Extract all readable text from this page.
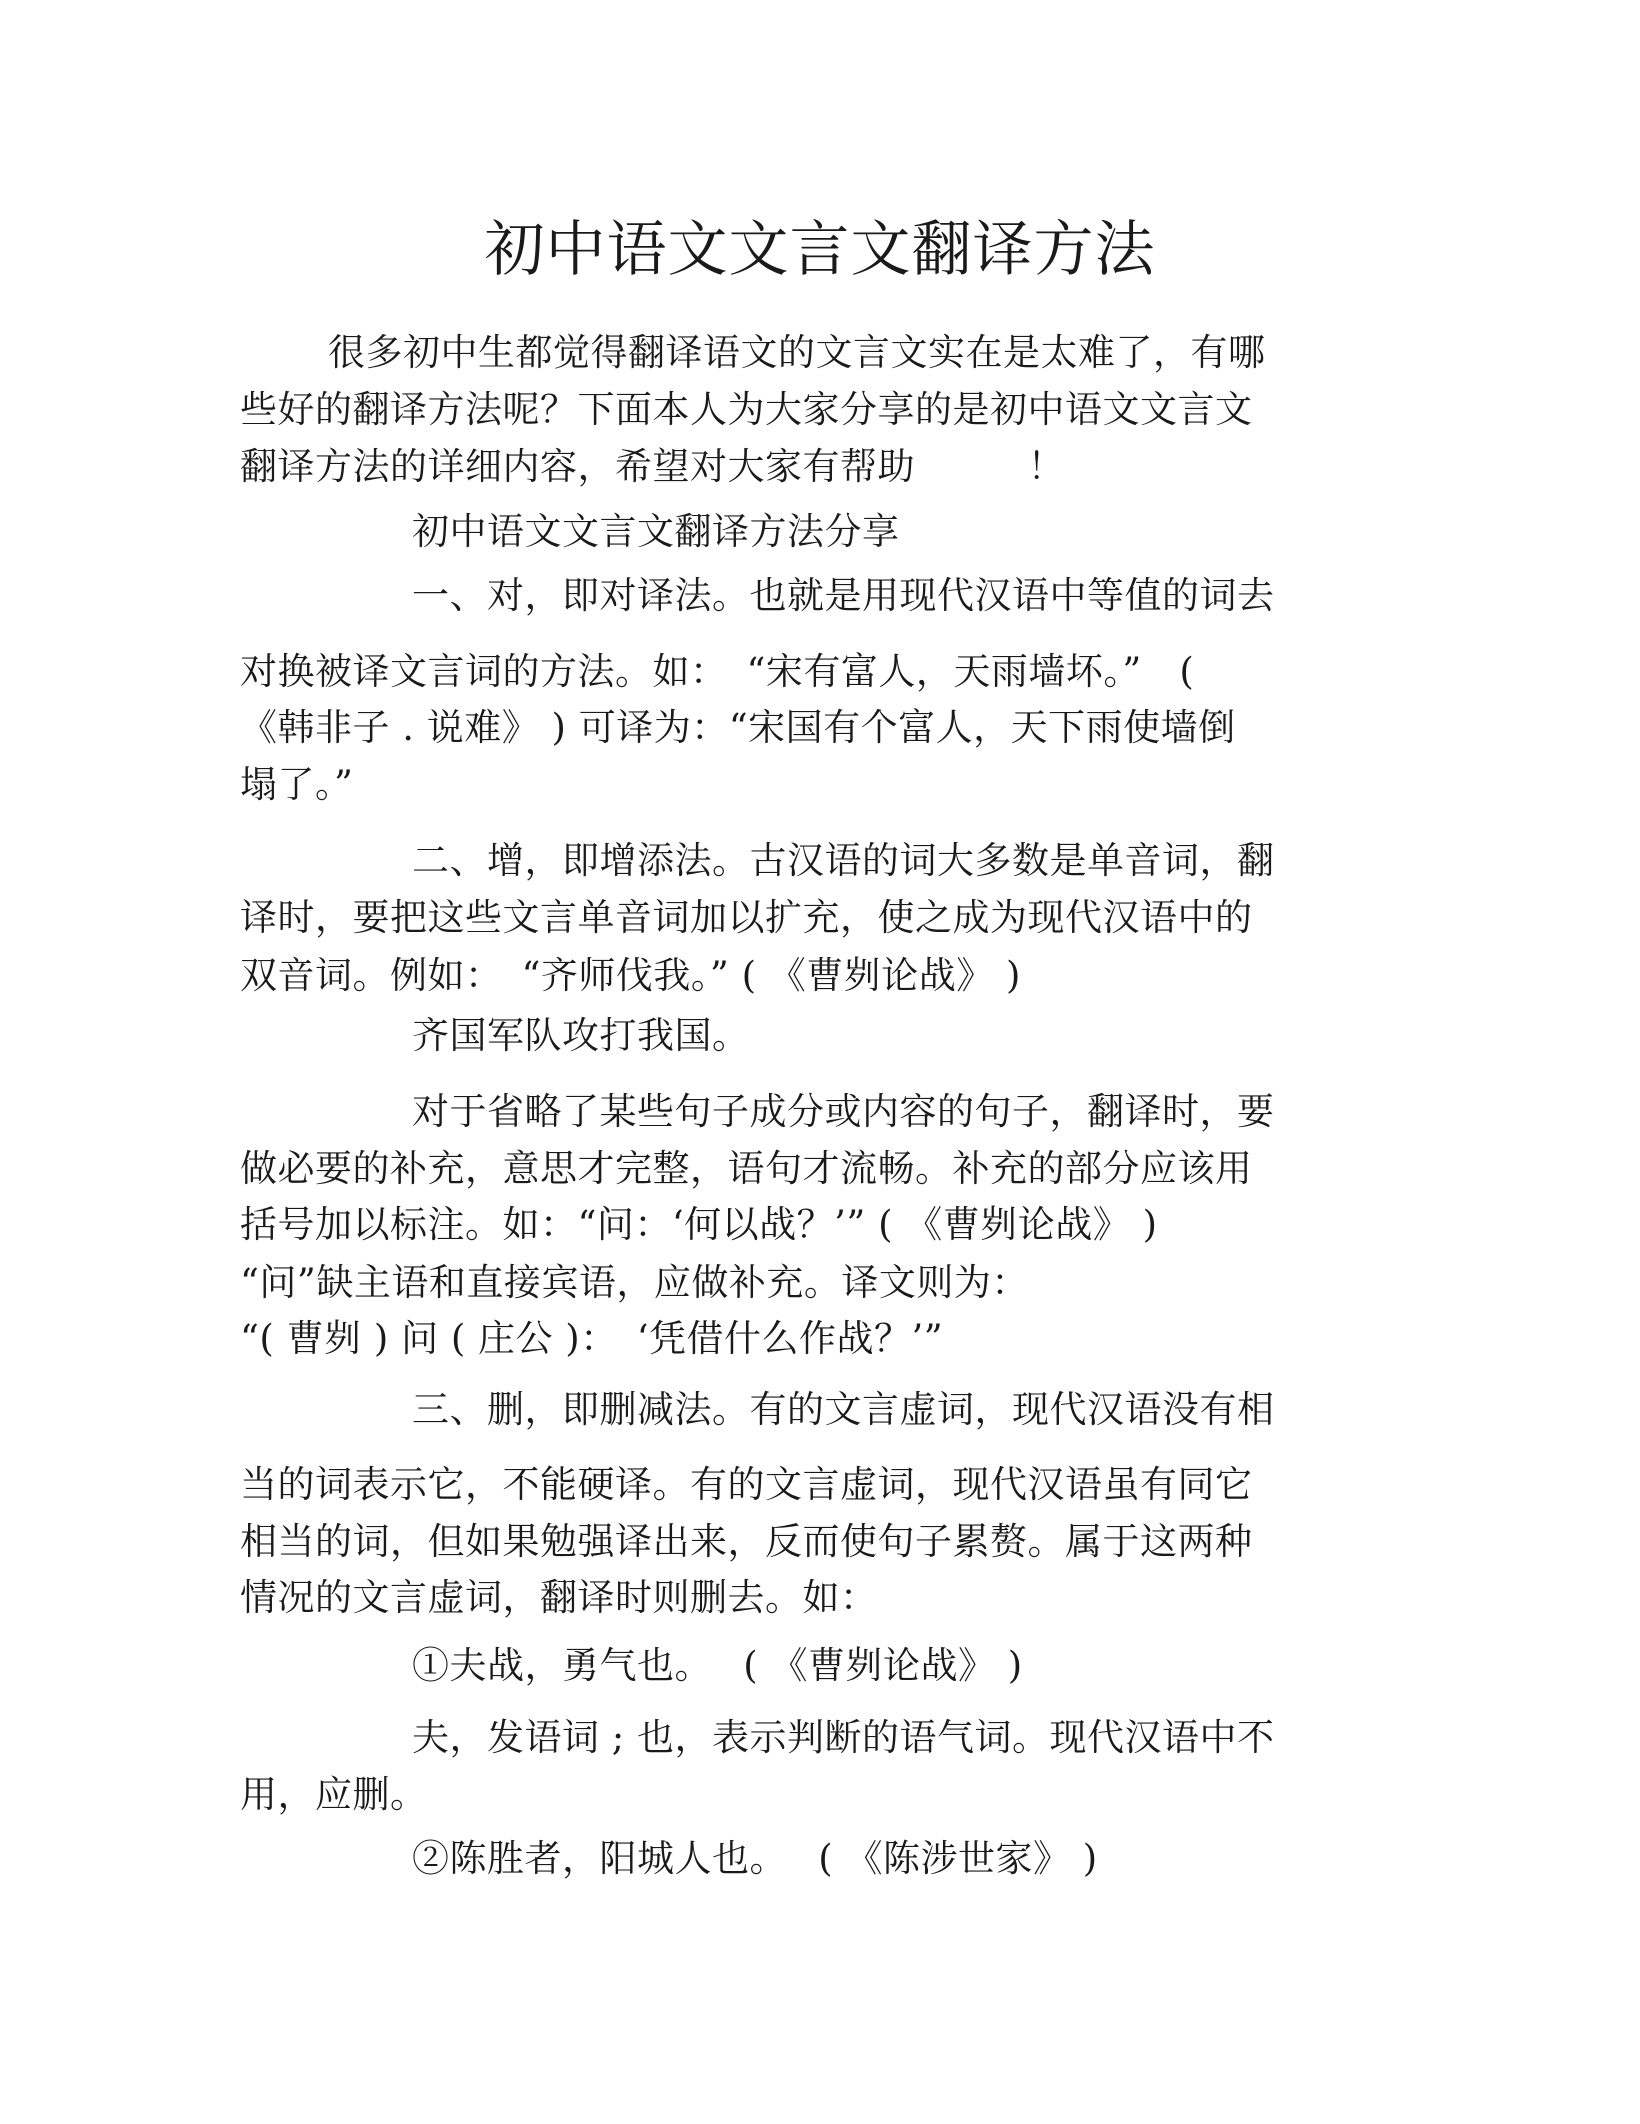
初中语文文言文翻译方法
很多初中生都觉得翻译语文的文言文实在是太难了，有哪
些好的翻译方法呢？下面本人为大家分享的是初中语文文言文
翻译方法的详细内容，希望对大家有帮助　　　！
初中语文文言文翻译方法分享
一、对，即对译法。也就是用现代汉语中等值的词去
对换被译文言词的方法。如：　“宋有富人，天雨墙坏。”　(
《韩非子 . 说难》 ) 可译为：“宋国有个富人，天下雨使墙倒
塌了。”
二、增，即增添法。古汉语的词大多数是单音词，翻
译时，要把这些文言单音词加以扩充，使之成为现代汉语中的
双音词。例如：　“齐师伐我。” ( 《曹刿论战》 )
齐国军队攻打我国。
对于省略了某些句子成分或内容的句子，翻译时，要
做必要的补充，意思才完整，语句才流畅。补充的部分应该用
括号加以标注。如：“问：‘何以战？’” ( 《曹刿论战》 )
“问”缺主语和直接宾语，应做补充。译文则为：
“( 曹刿 ) 问 ( 庄公 )：　‘凭借什么作战？’”
三、删，即删减法。有的文言虚词，现代汉语没有相
当的词表示它，不能硬译。有的文言虚词，现代汉语虽有同它
相当的词，但如果勉强译出来，反而使句子累赘。属于这两种
情况的文言虚词，翻译时则删去。如：
①夫战，勇气也。　 ( 《曹刿论战》 )
夫，发语词 ; 也，表示判断的语气词。现代汉语中不
用，应删。
②陈胜者，阳城人也。　 ( 《陈涉世家》 )
